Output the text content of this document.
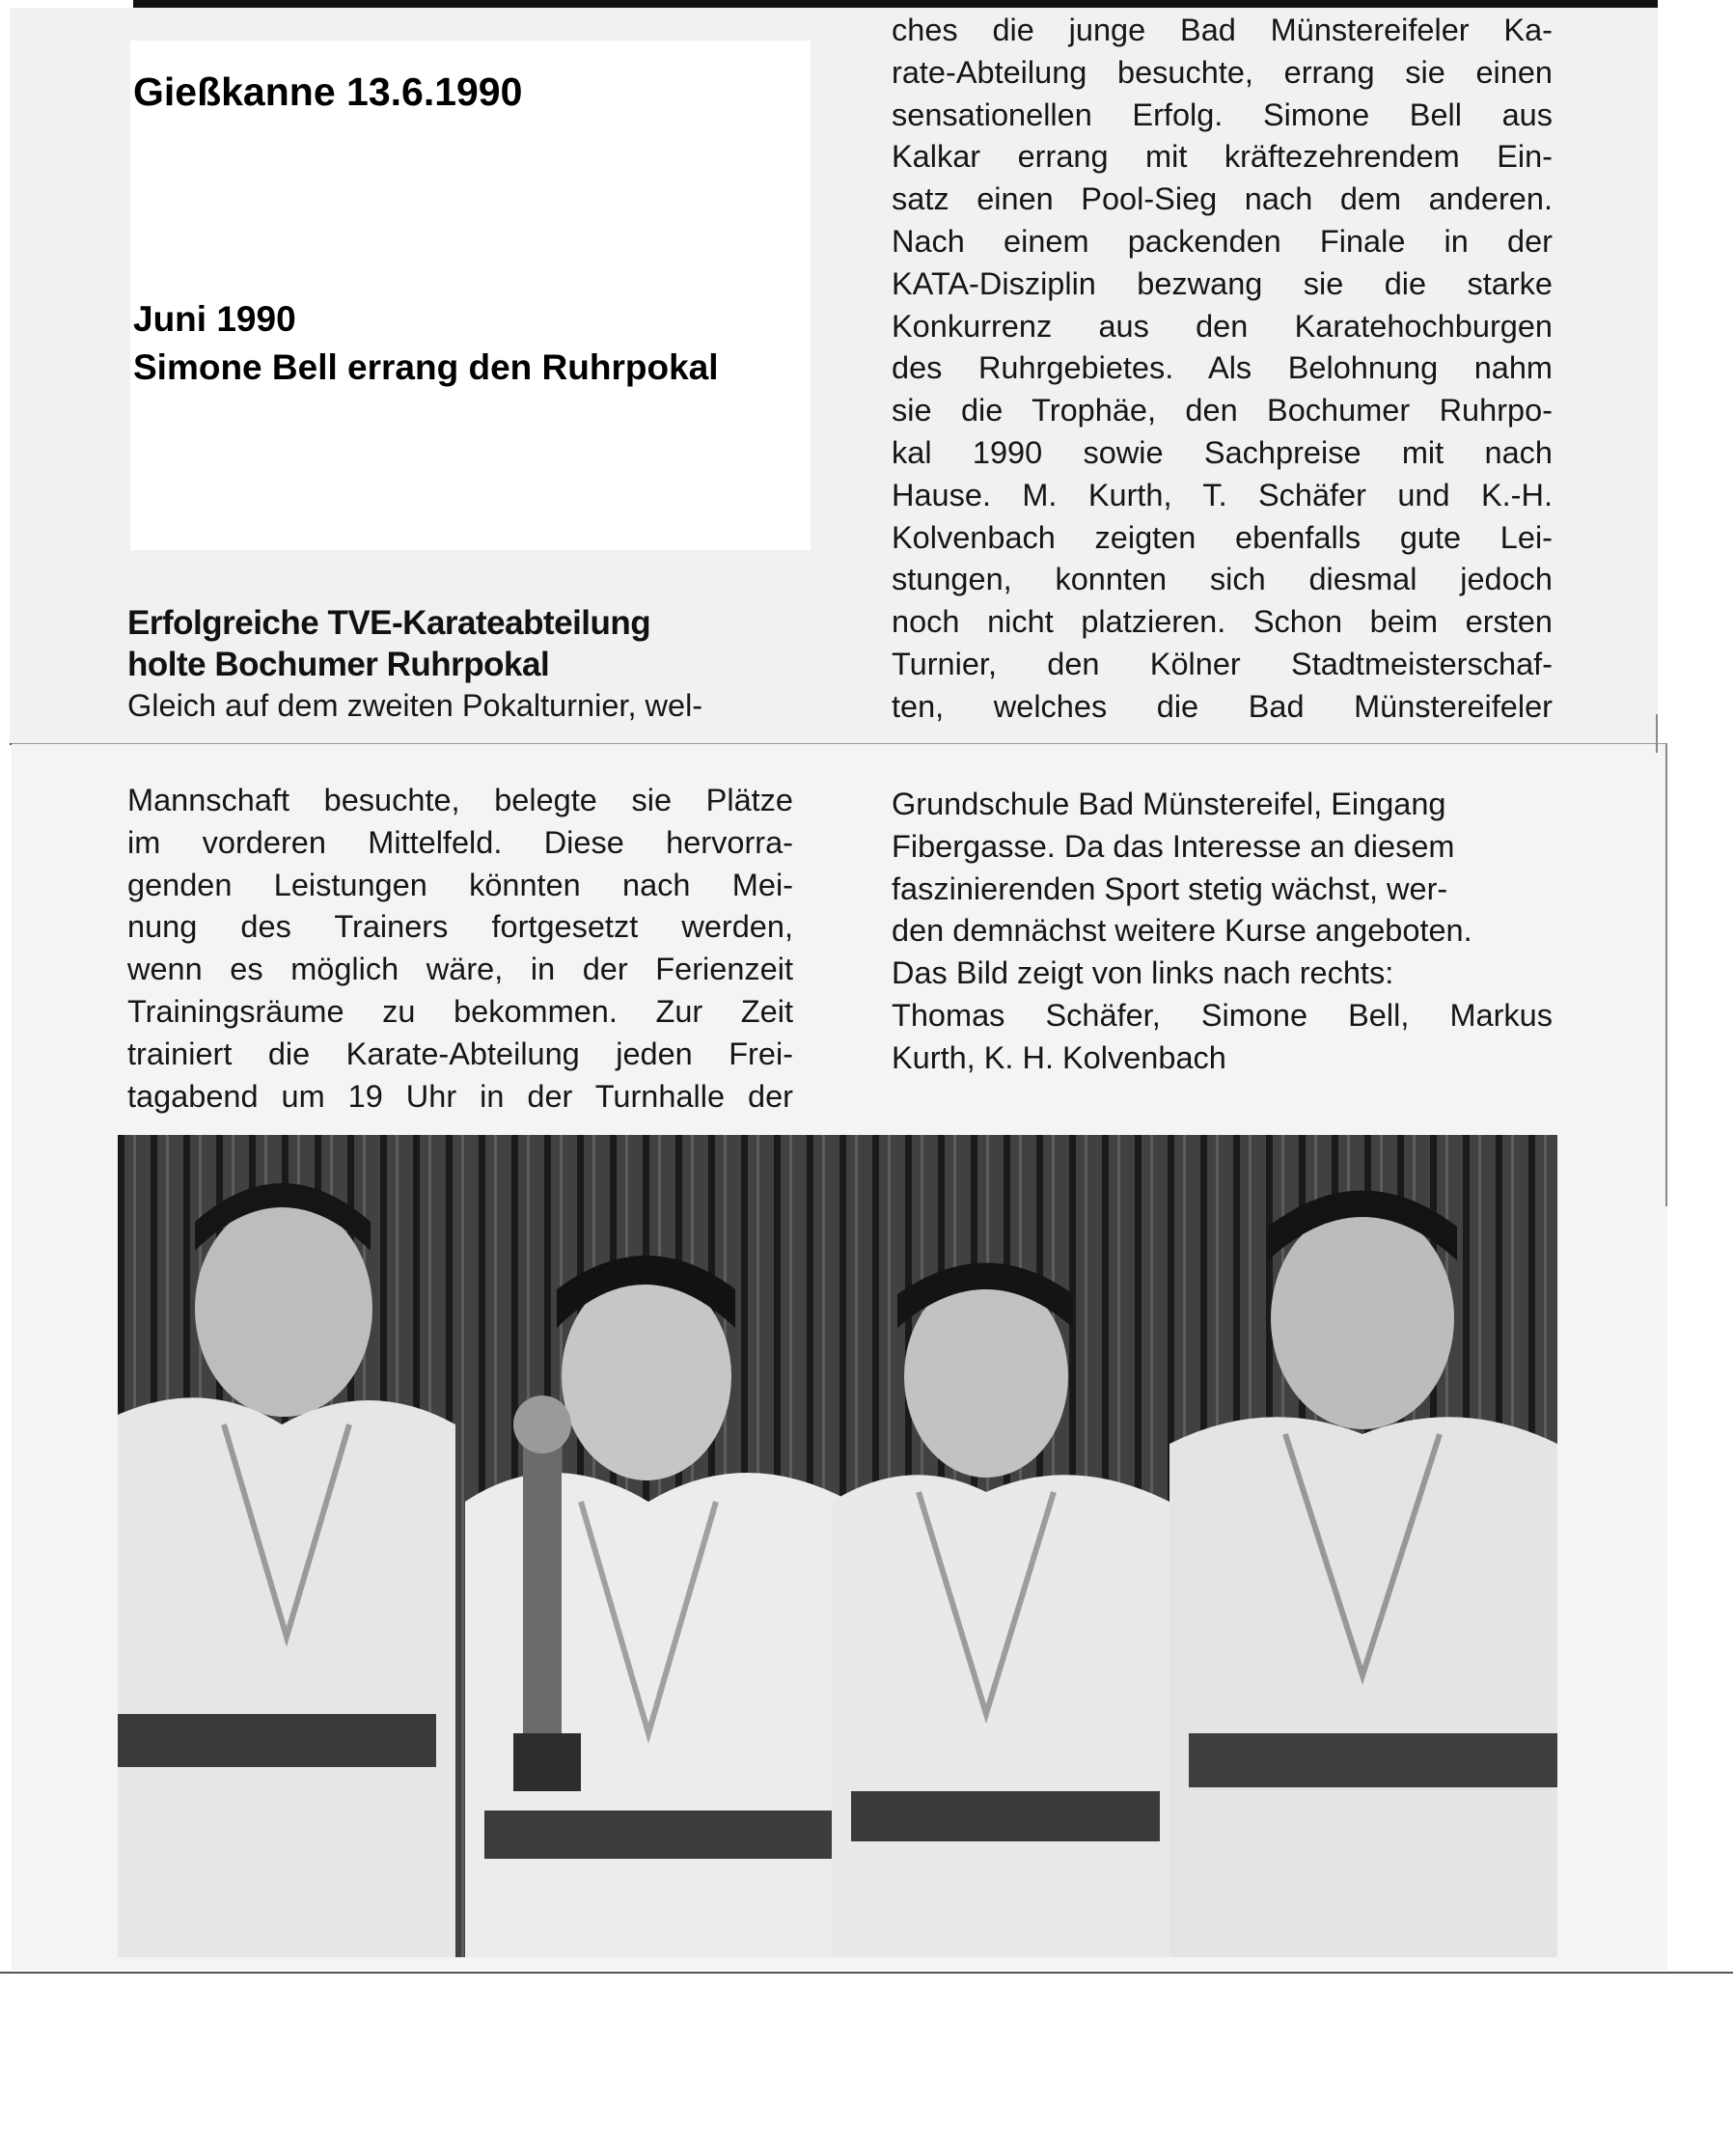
Gießkanne 13.6.1990
Juni 1990
Simone Bell errang den Ruhrpokal
Erfolgreiche TVE-Karateabteilung
holte Bochumer Ruhrpokal
Gleich auf dem zweiten Pokalturnier, wel-
ches die junge Bad Münstereifeler Ka-
rate-Abteilung besuchte, errang sie einen
sensationellen Erfolg. Simone Bell aus
Kalkar errang mit kräftezehrendem Ein-
satz einen Pool-Sieg nach dem anderen.
Nach einem packenden Finale in der
KATA-Disziplin bezwang sie die starke
Konkurrenz aus den Karatehochburgen
des Ruhrgebietes. Als Belohnung nahm
sie die Trophäe, den Bochumer Ruhrpo-
kal 1990 sowie Sachpreise mit nach
Hause. M. Kurth, T. Schäfer und K.-H.
Kolvenbach zeigten ebenfalls gute Lei-
stungen, konnten sich diesmal jedoch
noch nicht platzieren. Schon beim ersten
Turnier, den Kölner Stadtmeisterschaf-
ten, welches die Bad Münstereifeler
Mannschaft besuchte, belegte sie Plätze
im vorderen Mittelfeld. Diese hervorra-
genden Leistungen könnten nach Mei-
nung des Trainers fortgesetzt werden,
wenn es möglich wäre, in der Ferienzeit
Trainingsräume zu bekommen. Zur Zeit
trainiert die Karate-Abteilung jeden Frei-
tagabend um 19 Uhr in der Turnhalle der
Grundschule Bad Münstereifel, Eingang
Fibergasse. Da das Interesse an diesem
faszinierenden Sport stetig wächst, wer-
den demnächst weitere Kurse angeboten.
Das Bild zeigt von links nach rechts:
Thomas Schäfer, Simone Bell, Markus
Kurth, K. H. Kolvenbach
